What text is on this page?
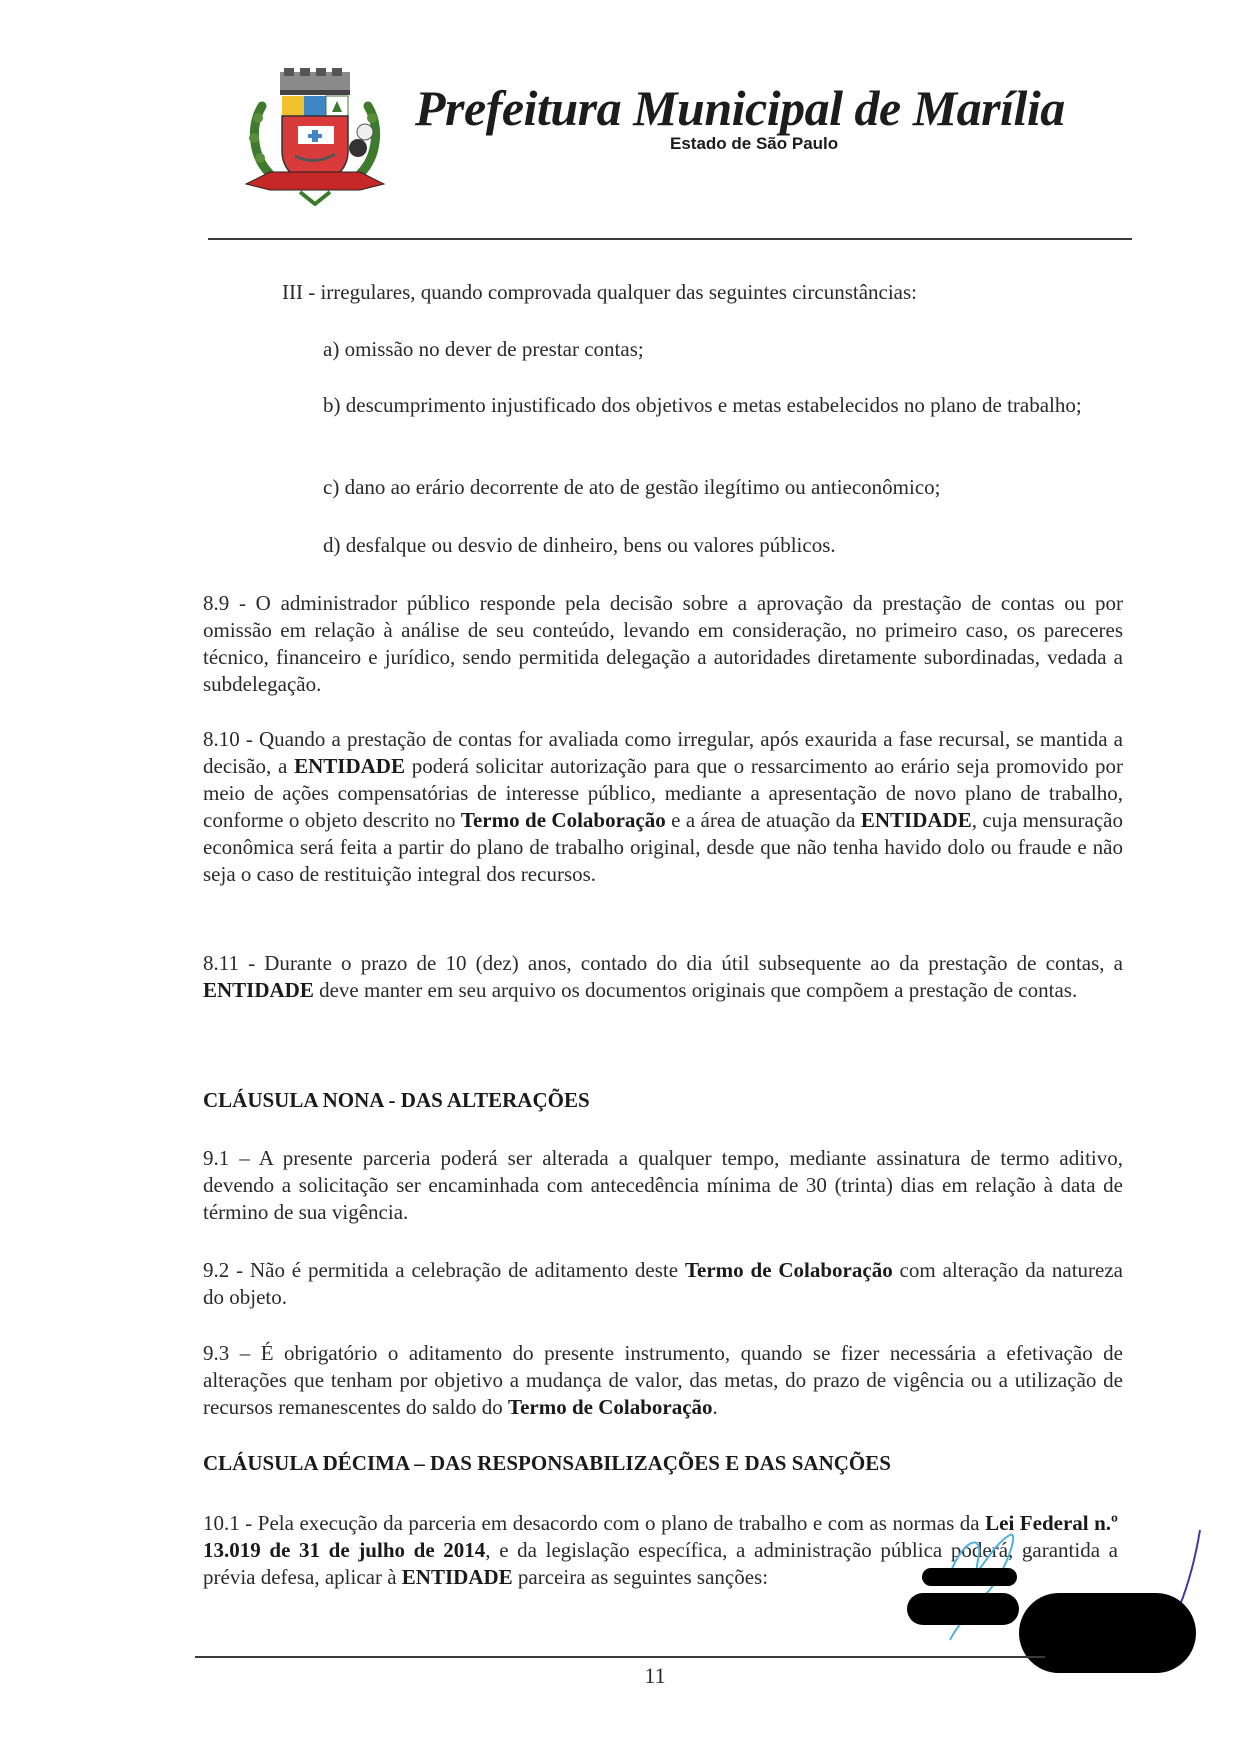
Prefeitura Municipal de Marília
Estado de São Paulo

III - irregulares, quando comprovada qualquer das seguintes circunstâncias:

a) omissão no dever de prestar contas;

b) descumprimento injustificado dos objetivos e metas estabelecidos no plano de trabalho;

c) dano ao erário decorrente de ato de gestão ilegítimo ou antieconômico;

d) desfalque ou desvio de dinheiro, bens ou valores públicos.

8.9 - O administrador público responde pela decisão sobre a aprovação da prestação de contas ou por omissão em relação à análise de seu conteúdo, levando em consideração, no primeiro caso, os pareceres técnico, financeiro e jurídico, sendo permitida delegação a autoridades diretamente subordinadas, vedada a subdelegação.

8.10 - Quando a prestação de contas for avaliada como irregular, após exaurida a fase recursal, se mantida a decisão, a ENTIDADE poderá solicitar autorização para que o ressarcimento ao erário seja promovido por meio de ações compensatórias de interesse público, mediante a apresentação de novo plano de trabalho, conforme o objeto descrito no Termo de Colaboração e a área de atuação da ENTIDADE, cuja mensuração econômica será feita a partir do plano de trabalho original, desde que não tenha havido dolo ou fraude e não seja o caso de restituição integral dos recursos.

8.11 - Durante o prazo de 10 (dez) anos, contado do dia útil subsequente ao da prestação de contas, a ENTIDADE deve manter em seu arquivo os documentos originais que compõem a prestação de contas.

CLÁUSULA NONA - DAS ALTERAÇÕES

9.1 – A presente parceria poderá ser alterada a qualquer tempo, mediante assinatura de termo aditivo, devendo a solicitação ser encaminhada com antecedência mínima de 30 (trinta) dias em relação à data de término de sua vigência.

9.2 - Não é permitida a celebração de aditamento deste Termo de Colaboração com alteração da natureza do objeto.

9.3 – É obrigatório o aditamento do presente instrumento, quando se fizer necessária a efetivação de alterações que tenham por objetivo a mudança de valor, das metas, do prazo de vigência ou a utilização de recursos remanescentes do saldo do Termo de Colaboração.

CLÁUSULA DÉCIMA – DAS RESPONSABILIZAÇÕES E DAS SANÇÕES

10.1 - Pela execução da parceria em desacordo com o plano de trabalho e com as normas da Lei Federal n.º 13.019 de 31 de julho de 2014, e da legislação específica, a administração pública poderá, garantida a prévia defesa, aplicar à ENTIDADE parceira as seguintes sanções:

11
